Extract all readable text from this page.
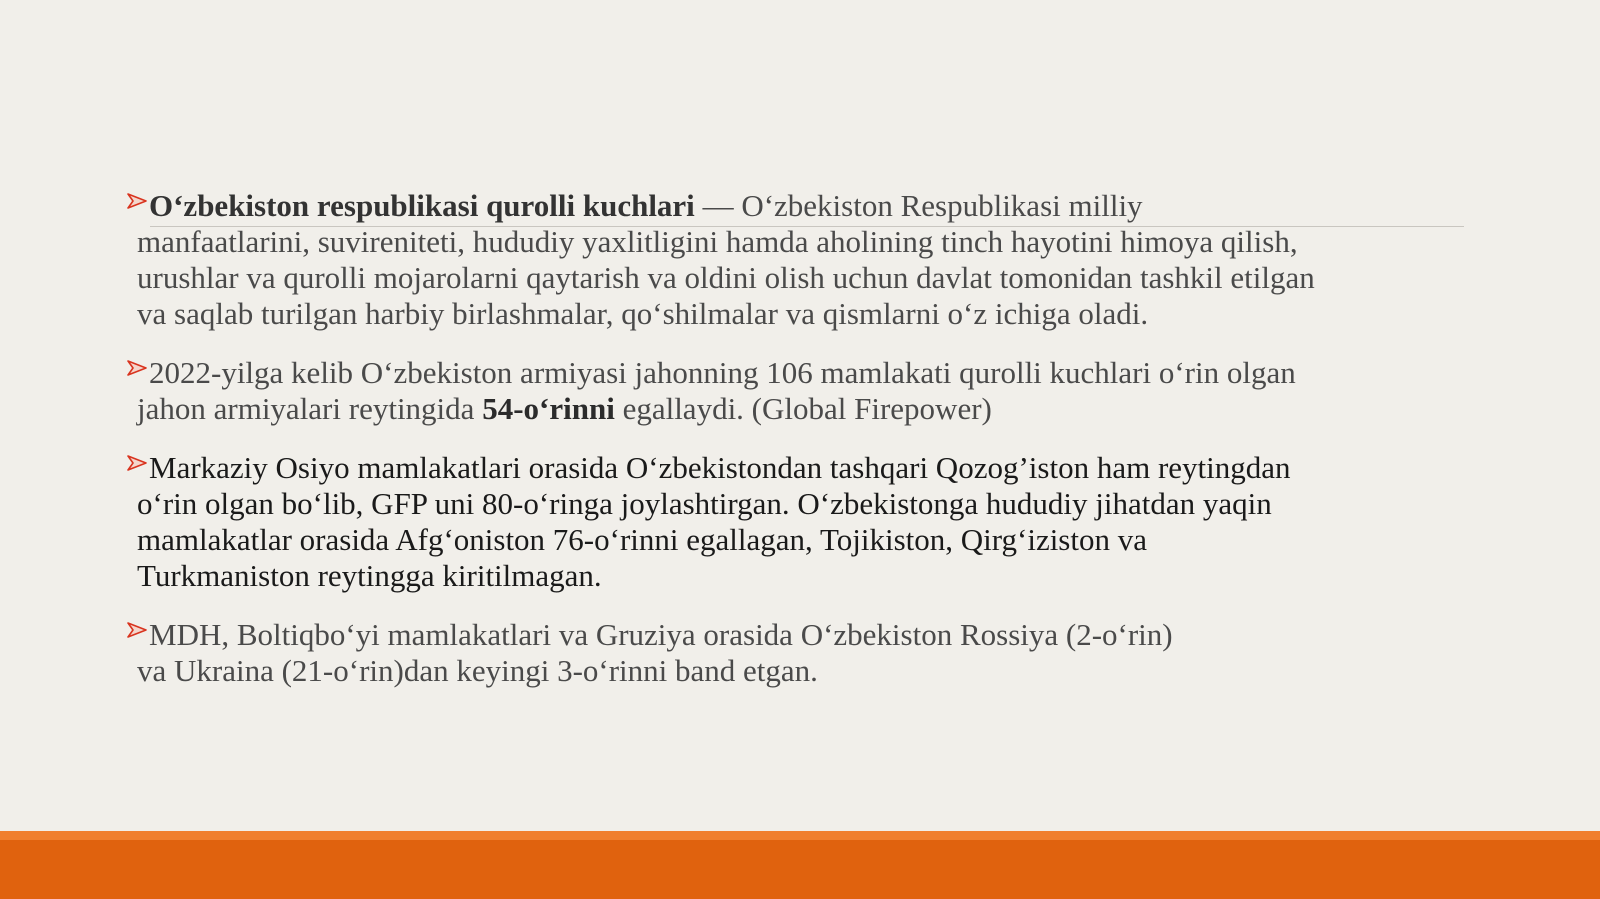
O‘zbekiston respublikasi qurolli kuchlari — O‘zbekiston Respublikasi milliy
manfaatlarini, suvireniteti, hududiy yaxlitligini hamda aholining tinch hayotini himoya qilish,
urushlar va qurolli mojarolarni qaytarish va oldini olish uchun davlat tomonidan tashkil etilgan
va saqlab turilgan harbiy birlashmalar, qo‘shilmalar va qismlarni o‘z ichiga oladi.
2022-yilga kelib O‘zbekiston armiyasi jahonning 106 mamlakati qurolli kuchlari o‘rin olgan
jahon armiyalari reytingida 54-o‘rinni egallaydi. (Global Firepower)
Markaziy Osiyo mamlakatlari orasida O‘zbekistondan tashqari Qozog’iston ham reytingdan
o‘rin olgan bo‘lib, GFP uni 80-o‘ringa joylashtirgan. O‘zbekistonga hududiy jihatdan yaqin
mamlakatlar orasida Afg‘oniston 76-o‘rinni egallagan, Tojikiston, Qirg‘iziston va
Turkmaniston reytingga kiritilmagan.
MDH, Boltiqbo‘yi mamlakatlari va Gruziya orasida O‘zbekiston Rossiya (2-o‘rin)
va Ukraina (21-o‘rin)dan keyingi 3-o‘rinni band etgan.
